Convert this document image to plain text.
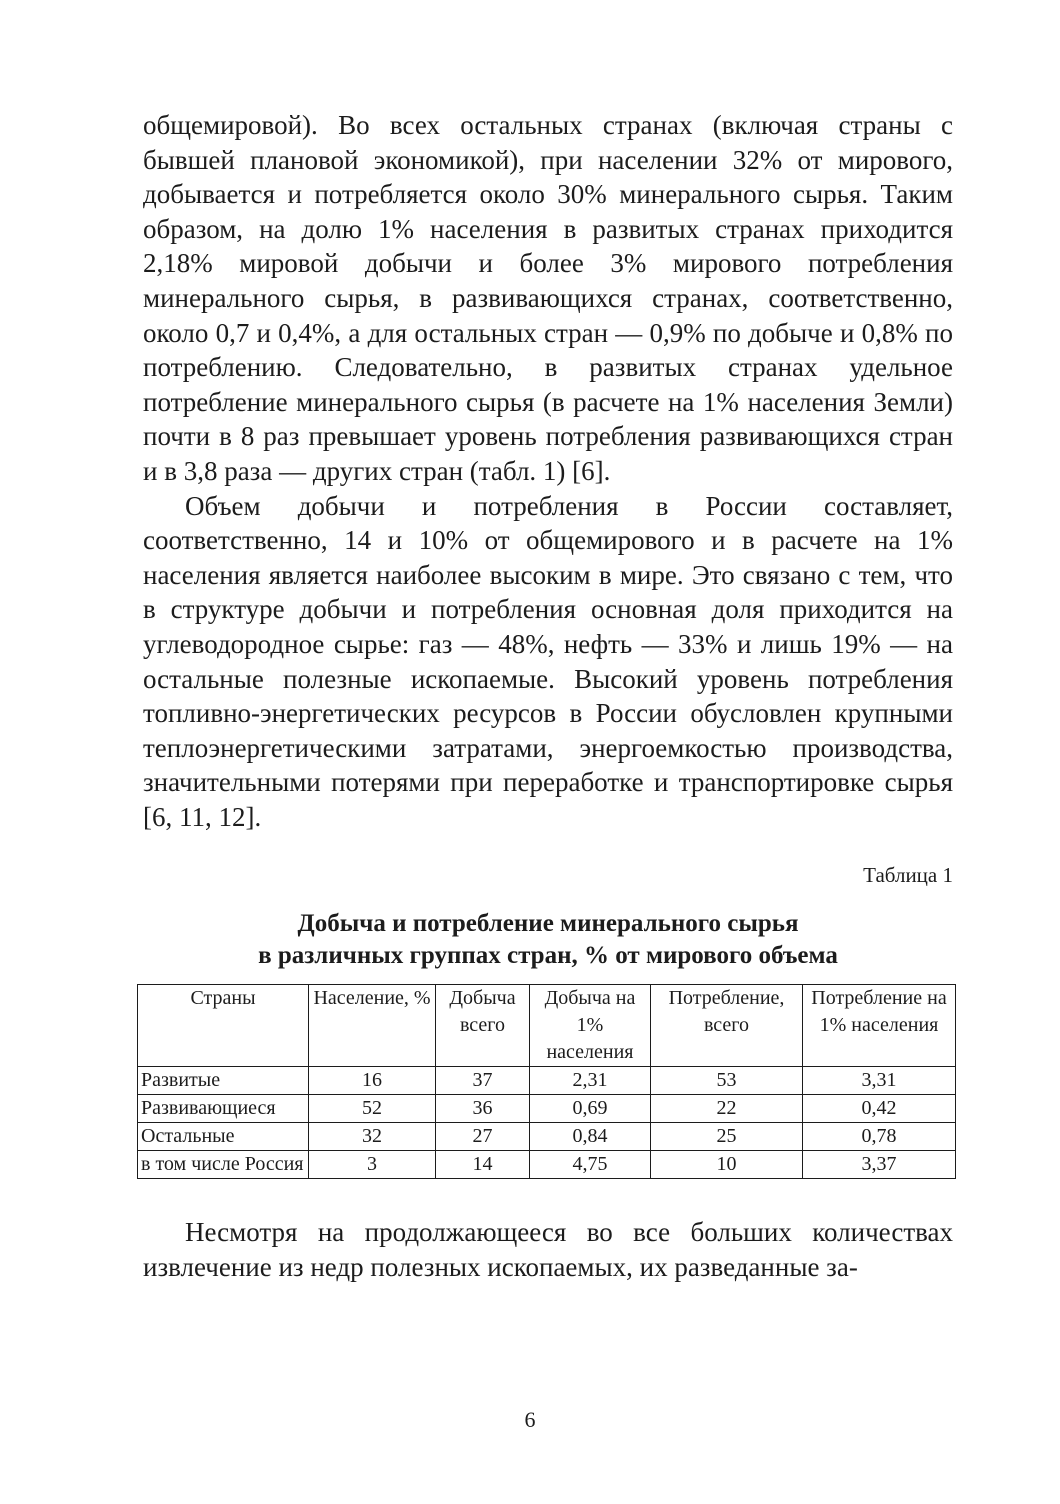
общемировой). Во всех остальных странах (включая страны с бывшей плановой экономикой), при населении 32% от мирового, добывается и потребляется около 30% минерального сырья. Таким образом, на долю 1% населения в развитых странах приходится 2,18% мировой добычи и более 3% мирового потребления минерального сырья, в развивающихся странах, соответственно, около 0,7 и 0,4%, а для остальных стран — 0,9% по добыче и 0,8% по потреблению. Следовательно, в развитых странах удельное потребление минерального сырья (в расчете на 1% населения Земли) почти в 8 раз превышает уровень потребления развивающихся стран и в 3,8 раза — других стран (табл. 1) [6].

Объем добычи и потребления в России составляет, соответственно, 14 и 10% от общемирового и в расчете на 1% населения является наиболее высоким в мире. Это связано с тем, что в структуре добычи и потребления основная доля приходится на углеводородное сырье: газ — 48%, нефть — 33% и лишь 19% — на остальные полезные ископаемые. Высокий уровень потребления топливно-энергетических ресурсов в России обусловлен крупными теплоэнергетическими затратами, энергоемкостью производства, значительными потерями при переработке и транспортировке сырья [6, 11, 12].

Таблица 1

Добыча и потребление минерального сырья
в различных группах стран, % от мирового объема
Страны	Население, %	Добыча всего	Добыча на 1% населения	Потребление, всего	Потребление на 1% населения
Развитые	16	37	2,31	53	3,31
Развивающиеся	52	36	0,69	22	0,42
Остальные	32	27	0,84	25	0,78
в том числе Россия	3	14	4,75	10	3,37

Несмотря на продолжающееся во все больших количествах извлечение из недр полезных ископаемых, их разведанные за-

6
